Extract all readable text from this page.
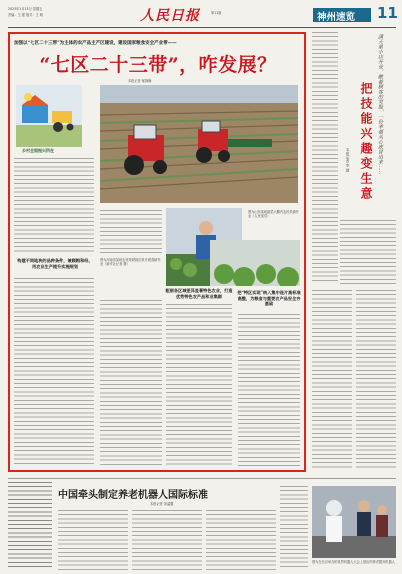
2023年1月13日 星期五
责编：王 强 版式：王 晓	人民日报	第11版	神州速览 11
加强以“七区二十三带”为主体的农产品主产区建设，建设国家粮食安全产业带——
“七区二十三带”，咋发展？
本报记者 郁静娴
乡村全面振兴所在
图为山东某地蔬菜大棚内农民采摘作业（人民视觉）
图为河南省某地农民驾驶拖拉机开展春耕作业（新华社记者 摄）
构建不同地块的品种条件，兼顾粮和经、用农业生产提升实施规划
粗丽各区域差异显著特色农业，打造优势特色农产品和业集群
把“特区实现”纳入集中连片高标准高整，为粮食与重要农产品安全夯基础
满天星小店开业，瞧着顾客的笑脸，一份幸福从心底冒出来……
把技能兴趣变生意
本报记者 李 健
中国牵头制定养老机器人国际标准
本报记者 刘温馨
图为在北京举办的世界机器人大会上展出的养老服务机器人
